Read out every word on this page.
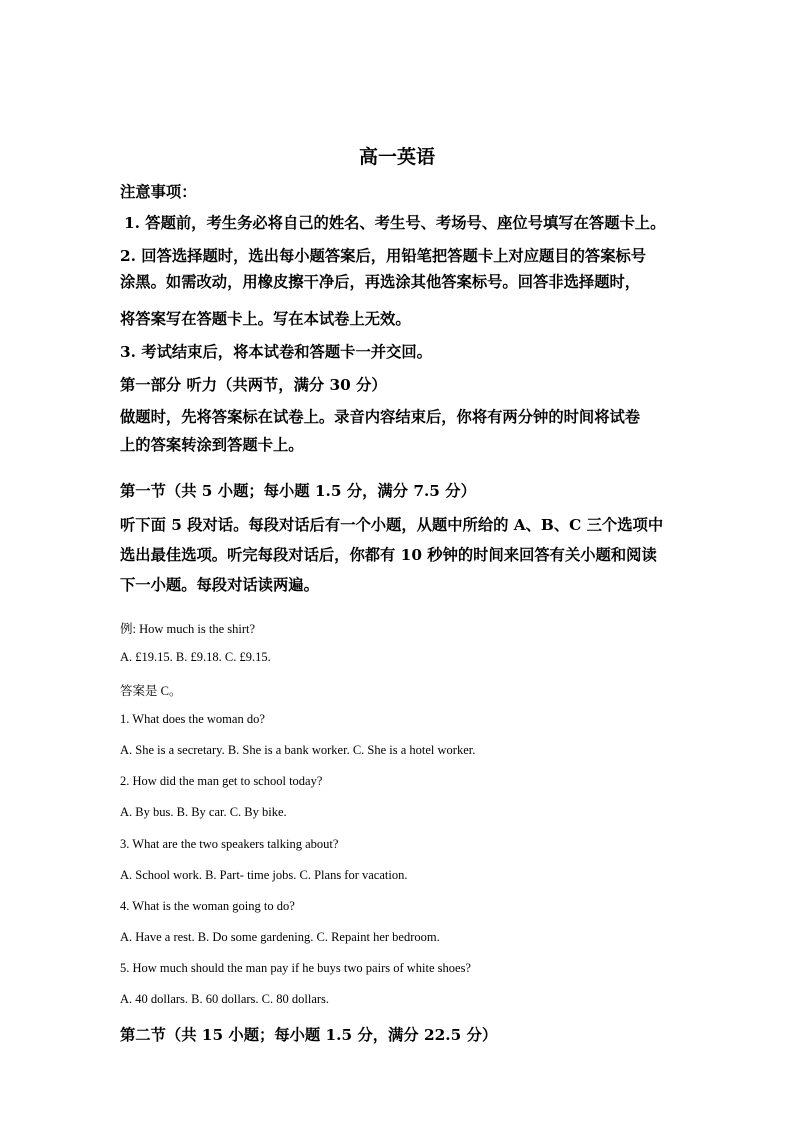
高一英语
注意事项：
1. 答题前，考生务必将自己的姓名、考生号、考场号、座位号填写在答题卡上。
2. 回答选择题时，选出每小题答案后，用铅笔把答题卡上对应题目的答案标号
涂黑。如需改动，用橡皮擦干净后，再选涂其他答案标号。回答非选择题时，
将答案写在答题卡上。写在本试卷上无效。
3. 考试结束后，将本试卷和答题卡一并交回。
第一部分 听力（共两节，满分 30 分）
做题时，先将答案标在试卷上。录音内容结束后，你将有两分钟的时间将试卷
上的答案转涂到答题卡上。
第一节（共 5 小题；每小题 1.5 分，满分 7.5 分）
听下面 5 段对话。每段对话后有一个小题，从题中所给的 A、B、C 三个选项中
选出最佳选项。听完每段对话后，你都有 10 秒钟的时间来回答有关小题和阅读
下一小题。每段对话读两遍。
例: How much is the shirt?
A. £19.15. B. £9.18. C. £9.15.
答案是 C。
1. What does the woman do?
A. She is a secretary. B. She is a bank worker. C. She is a hotel worker.
2. How did the man get to school today?
A. By bus. B. By car. C. By bike.
3. What are the two speakers talking about?
A. School work. B. Part- time jobs. C. Plans for vacation.
4. What is the woman going to do?
A. Have a rest. B. Do some gardening. C. Repaint her bedroom.
5. How much should the man pay if he buys two pairs of white shoes?
A. 40 dollars. B. 60 dollars. C. 80 dollars.
第二节（共 15 小题；每小题 1.5 分，满分 22.5 分）
